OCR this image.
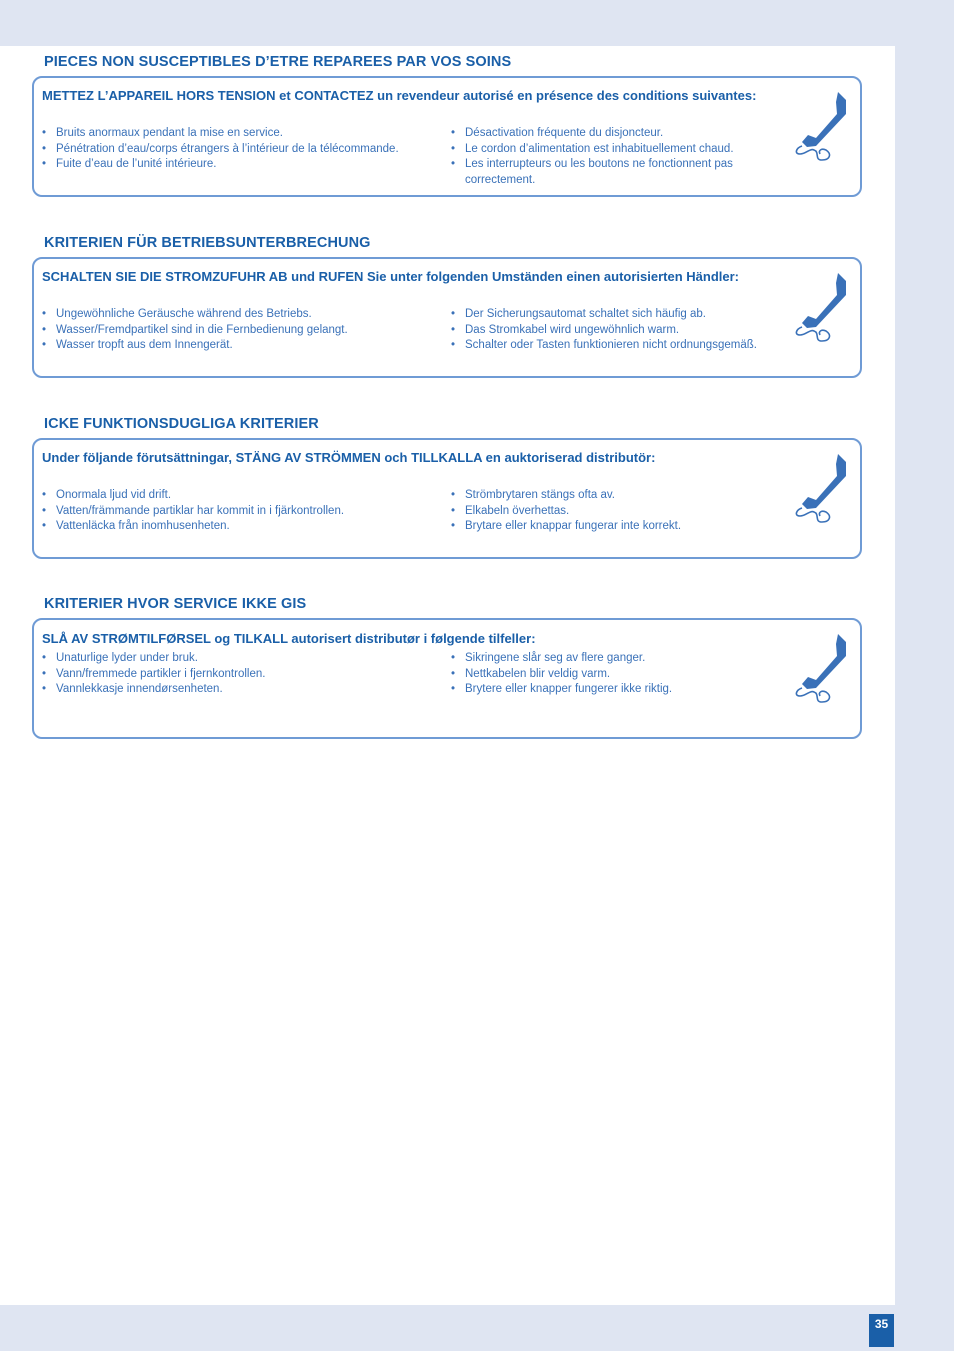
PIECES NON SUSCEPTIBLES D’ETRE REPAREES PAR VOS SOINS
METTEZ L’APPAREIL HORS TENSION et CONTACTEZ un revendeur autorisé en présence des conditions suivantes:
• Bruits anormaux pendant la mise en service.
• Pénétration d’eau/corps étrangers à l’intérieur de la télécommande.
• Fuite d’eau de l’unité intérieure.
• Désactivation fréquente du disjoncteur.
• Le cordon d’alimentation est inhabituellement chaud.
• Les interrupteurs ou les boutons ne fonctionnent pas correctement.
KRITERIEN FÜR BETRIEBSUNTERBRECHUNG
SCHALTEN SIE DIE STROMZUFUHR AB und RUFEN Sie unter folgenden Umständen einen autorisierten Händler:
• Ungewöhnliche Geräusche während des Betriebs.
• Wasser/Fremdpartikel sind in die Fernbedienung gelangt.
• Wasser tropft aus dem Innengerät.
• Der Sicherungsautomat schaltet sich häufig ab.
• Das Stromkabel wird ungewöhnlich warm.
• Schalter oder Tasten funktionieren nicht ordnungsgemäß.
ICKE FUNKTIONSDUGLIGA KRITERIER
Under följande förutsättningar, STÄNG AV STRÖMMEN och TILLKALLA en auktoriserad distributör:
• Onormala ljud vid drift.
• Vatten/främmande partiklar har kommit in i fjärkontrollen.
• Vattenläcka från inomhusenheten.
• Strömbrytaren stängs ofta av.
• Elkabeln överhettas.
• Brytare eller knappar fungerar inte korrekt.
KRITERIER HVOR SERVICE IKKE GIS
SLÅ AV STRØMTILFØRSEL og TILKALL autorisert distributør i følgende tilfeller:
• Unaturlige lyder under bruk.
• Vann/fremmede partikler i fjernkontrollen.
• Vannlekkasje innendørsenheten.
• Sikringene slår seg av flere ganger.
• Nettkabelen blir veldig varm.
• Brytere eller knapper fungerer ikke riktig.
35
